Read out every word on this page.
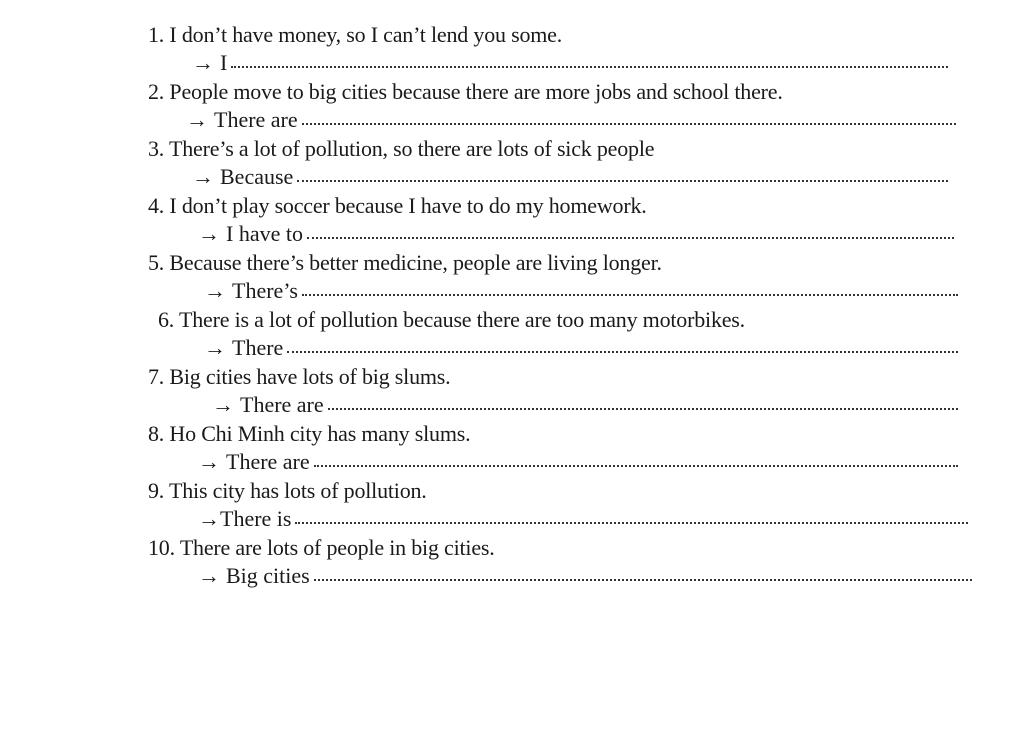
1. I don’t have money, so I can’t lend you some.
→ I
2. People move to big cities because there are more jobs and school there.
→ There are
3. There’s a lot of pollution, so there are lots of sick people
→ Because
4. I don’t play soccer because I have to do my homework.
→ I have to
5. Because there’s better medicine, people are living longer.
→ There’s
6. There is a lot of pollution because there are too many motorbikes.
→ There
7. Big cities have lots of big slums.
→ There are
8. Ho Chi Minh city has many slums.
→ There are
9. This city has lots of pollution.
→ There is
10. There are lots of people in big cities.
→ Big cities
